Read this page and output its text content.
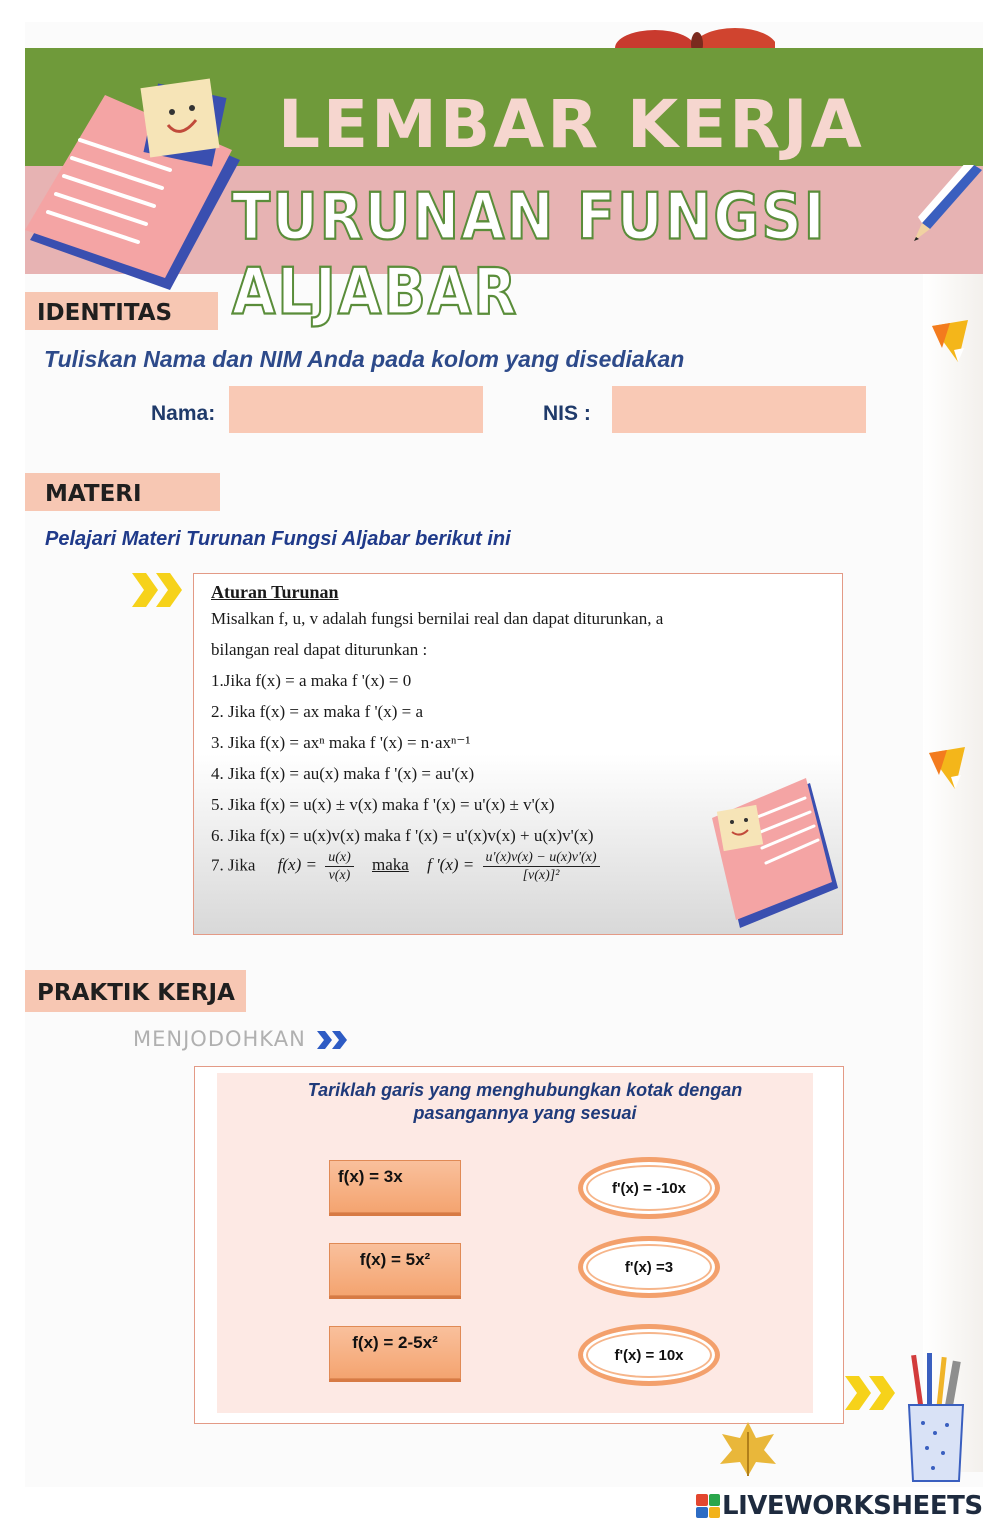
LEMBAR KERJA
TURUNAN FUNGSI ALJABAR
IDENTITAS
Tuliskan Nama dan NIM Anda pada kolom yang disediakan
Nama:	NIS :
MATERI
Pelajari Materi Turunan Fungsi Aljabar berikut ini
Aturan Turunan
Misalkan f, u, v adalah fungsi bernilai real dan dapat diturunkan, a
bilangan real dapat diturunkan :
1.Jika f(x) = a maka f '(x) = 0
2. Jika f(x) = ax maka f '(x) = a
3. Jika f(x) = axⁿ maka f '(x) = n·axⁿ⁻¹
4. Jika f(x) = au(x) maka f '(x) = au'(x)
5. Jika f(x) = u(x) ± v(x) maka f '(x) = u'(x) ± v'(x)
6. Jika f(x) = u(x)v(x) maka f '(x) = u'(x)v(x) + u(x)v'(x)
7. Jika $f(x) = \frac{u(x)}{v(x)}$ maka f '$(x) = \frac{u'(x)v(x) - u(x)v'(x)}{\text{[v(x)]²}}$
PRAKTIK KERJA
MENJODOHKAN
Tariklah garis yang menghubungkan kotak dengan
pasangannya yang sesuai
f(x) = 3x
f(x) = 5x²
f(x) = 2-5x²
f'(x) = -10x
f'(x) =3
f'(x) = 10x
LIVEWORKSHEETS
